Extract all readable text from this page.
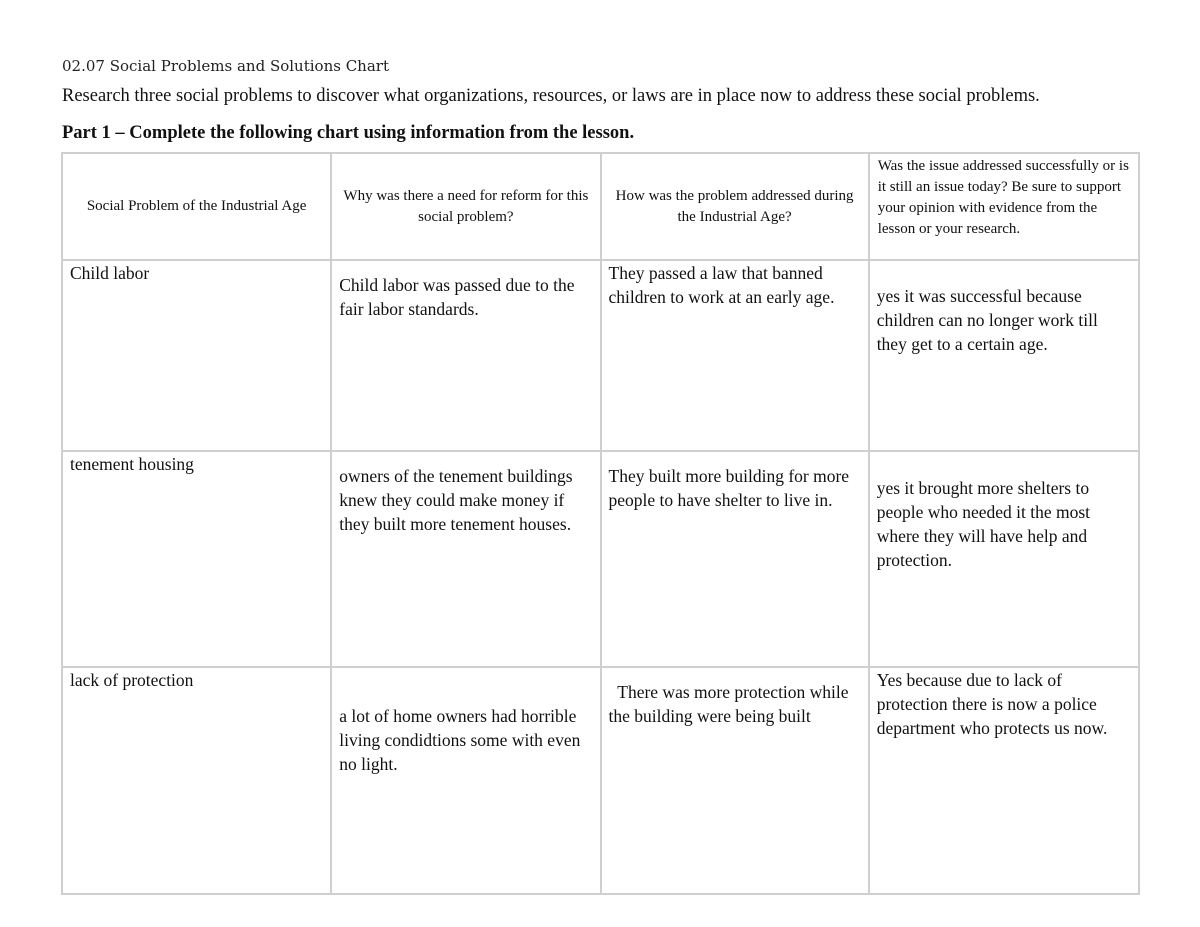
02.07 Social Problems and Solutions Chart
Research three social problems to discover what organizations, resources, or laws are in place now to address these social problems.
Part 1 – Complete the following chart using information from the lesson.
Social Problem of the Industrial Age	Why was there a need for reform for this social problem?	How was the problem addressed during the Industrial Age?	Was the issue addressed successfully or is it still an issue today? Be sure to support your opinion with evidence from the lesson or your research.
Child labor	Child labor was passed due to the fair labor standards.	They passed a law that banned children to work at an early age.	yes it was successful because children can no longer work till they get to a certain age.
tenement housing	owners of the tenement buildings knew they could make money if they built more tenement houses.	They built more building for more people to have shelter to live in.	yes it brought more shelters to people who needed it the most where they will have help and protection.
lack of protection	a lot of home owners had horrible living condidtions some with even no light.	There was more protection while the building were being built	Yes because due to lack of protection there is now a police department who protects us now.
